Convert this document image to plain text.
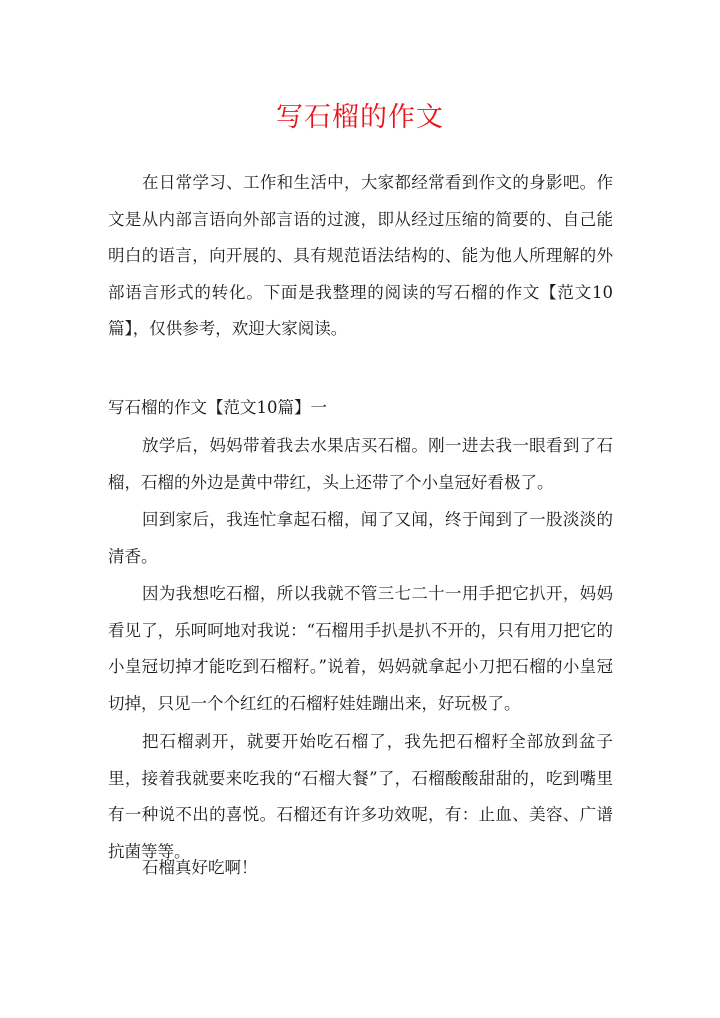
写石榴的作文

在日常学习、工作和生活中，大家都经常看到作文的身影吧。作文是从内部言语向外部言语的过渡，即从经过压缩的简要的、自己能明白的语言，向开展的、具有规范语法结构的、能为他人所理解的外部语言形式的转化。下面是我整理的阅读的写石榴的作文【范文10篇】，仅供参考，欢迎大家阅读。

写石榴的作文【范文10篇】一

放学后，妈妈带着我去水果店买石榴。刚一进去我一眼看到了石榴，石榴的外边是黄中带红，头上还带了个小皇冠好看极了。

回到家后，我连忙拿起石榴，闻了又闻，终于闻到了一股淡淡的清香。

因为我想吃石榴，所以我就不管三七二十一用手把它扒开，妈妈看见了，乐呵呵地对我说：“石榴用手扒是扒不开的，只有用刀把它的小皇冠切掉才能吃到石榴籽。”说着，妈妈就拿起小刀把石榴的小皇冠切掉，只见一个个红红的石榴籽娃娃蹦出来，好玩极了。

把石榴剥开，就要开始吃石榴了，我先把石榴籽全部放到盆子里，接着我就要来吃我的“石榴大餐”了，石榴酸酸甜甜的，吃到嘴里有一种说不出的喜悦。石榴还有许多功效呢，有：止血、美容、广谱抗菌等等。

石榴真好吃啊！
